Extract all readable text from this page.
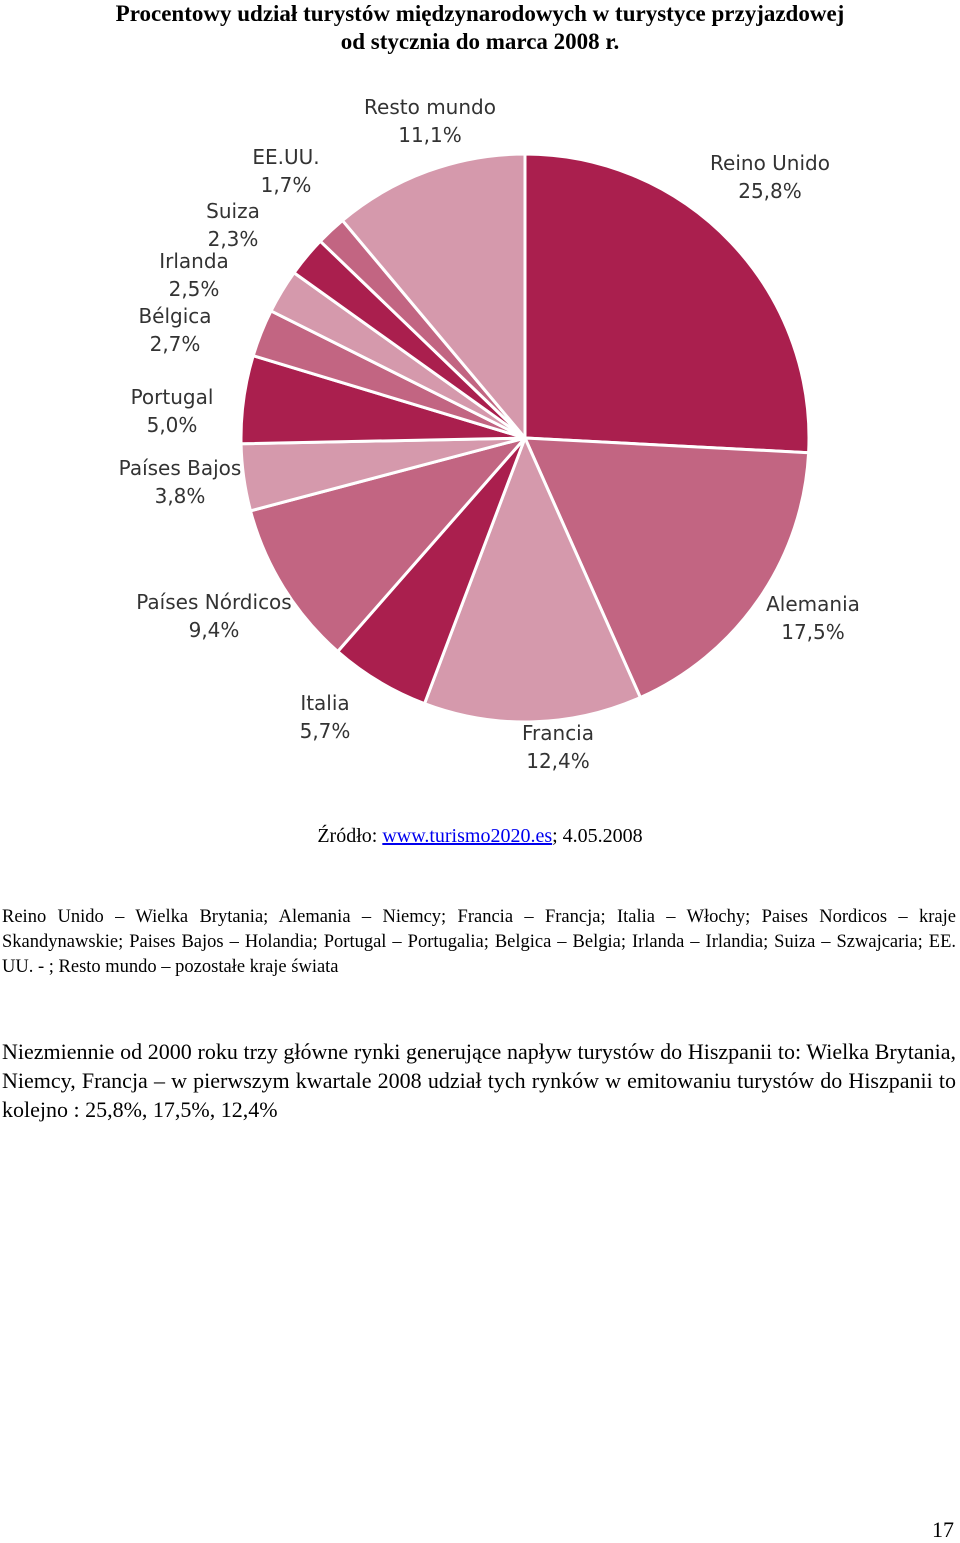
Procentowy udział turystów międzynarodowych w turystyce przyjazdowej
od stycznia do marca 2008 r.
Reino Unido
25,8%
Alemania
17,5%
Francia
12,4%
Italia
5,7%
Países Nórdicos
9,4%
Países Bajos
3,8%
Portugal
5,0%
Bélgica
2,7%
Irlanda
2,5%
Suiza
2,3%
EE.UU.
1,7%
Resto mundo
11,1%
Źródło: www.turismo2020.es; 4.05.2008
Reino Unido – Wielka Brytania; Alemania – Niemcy; Francia – Francja; Italia – Włochy; Paises Nordicos – kraje Skandynawskie; Paises Bajos – Holandia; Portugal – Portugalia; Belgica – Belgia; Irlanda – Irlandia; Suiza – Szwajcaria; EE. UU. - ; Resto mundo – pozostałe kraje świata
Niezmiennie od 2000 roku trzy główne rynki generujące napływ turystów do Hiszpanii to: Wielka Brytania, Niemcy, Francja – w pierwszym kwartale 2008 udział tych rynków w emitowaniu turystów do Hiszpanii to kolejno : 25,8%, 17,5%, 12,4%
17
